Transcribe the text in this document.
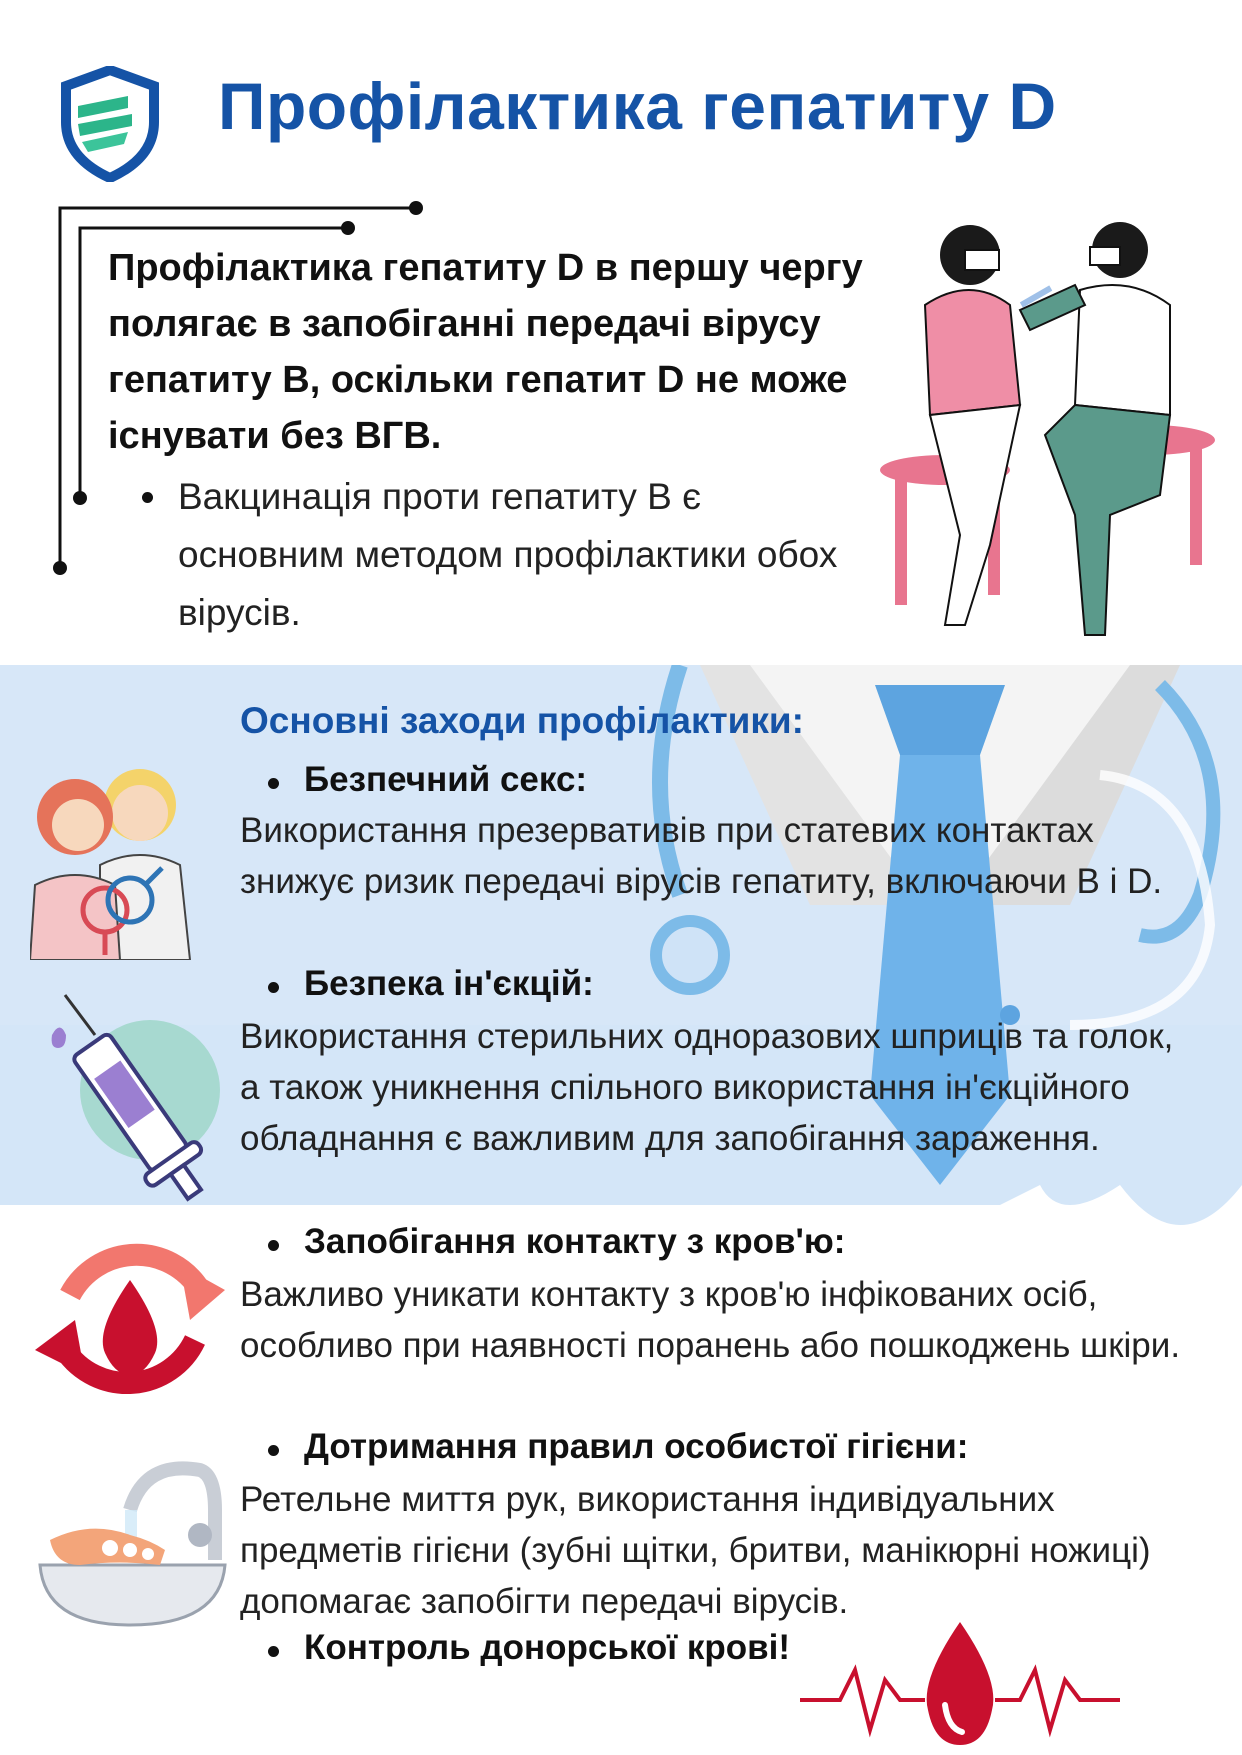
Профілактика гепатиту D
Профілактика гепатиту D в першу чергу полягає в запобіганні передачі вірусу гепатиту В, оскільки гепатит D не може існувати без ВГВ.
Вакцинація проти гепатиту В є основним методом профілактики обох вірусів.
Основні заходи профілактики:
Безпечний секс:
Використання презервативів при статевих контактах знижує ризик передачі вірусів гепатиту, включаючи В і D.
Безпека ін'єкцій:
Використання стерильних одноразових шприців та голок, а також уникнення спільного використання ін'єкційного обладнання є важливим для запобігання зараження.
Запобігання контакту з кров'ю:
Важливо уникати контакту з кров'ю інфікованих осіб, особливо при наявності поранень або пошкоджень шкіри.
Дотримання правил особистої гігієни:
Ретельне миття рук, використання індивідуальних предметів гігієни (зубні щітки, бритви, манікюрні ножиці) допомагає запобігти передачі вірусів.
Контроль донорської крові!
